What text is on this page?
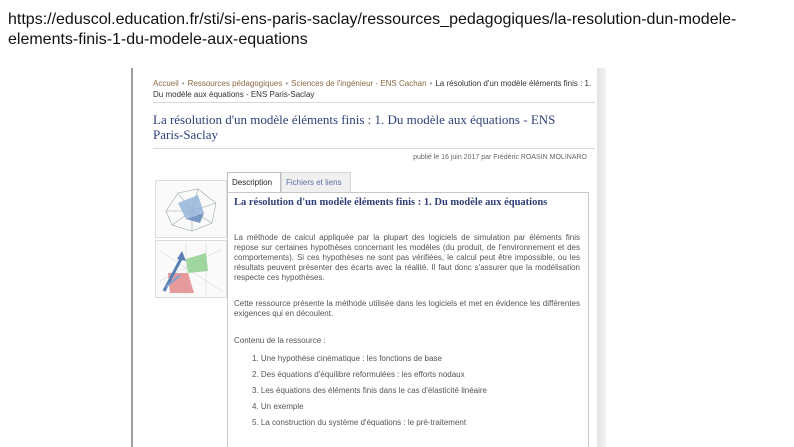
https://eduscol.education.fr/sti/si-ens-paris-saclay/ressources_pedagogiques/la-resolution-dun-modele-elements-finis-1-du-modele-aux-equations
Accueil • Ressources pédagogiques • Sciences de l'ingénieur - ENS Cachan • La résolution d'un modèle éléments finis : 1. Du modèle aux équations - ENS Paris-Saclay
La résolution d'un modèle éléments finis : 1. Du modèle aux équations - ENS Paris-Saclay
publié le 16 juin 2017 par Frédéric ROASIN MOLINARO
Description	Fichiers et liens
La résolution d'un modèle éléments finis : 1. Du modèle aux équations
La méthode de calcul appliquée par la plupart des logiciels de simulation par éléments finis repose sur certaines hypothèses concernant les modèles (du produit, de l'environnement et des comportements). Si ces hypothèses ne sont pas vérifiées, le calcul peut être impossible, ou les résultats peuvent présenter des écarts avec la réalité. Il faut donc s'assurer que la modélisation respecte ces hypothèses.
Cette ressource présente la méthode utilisée dans les logiciels et met en évidence les différentes exigences qui en découlent.
Contenu de la ressource :
1. Une hypothèse cinématique : les fonctions de base
2. Des équations d'équilibre reformulées : les efforts nodaux
3. Les équations des éléments finis dans le cas d'élasticité linéaire
4. Un exemple
5. La construction du système d'équations : le pré-traitement
